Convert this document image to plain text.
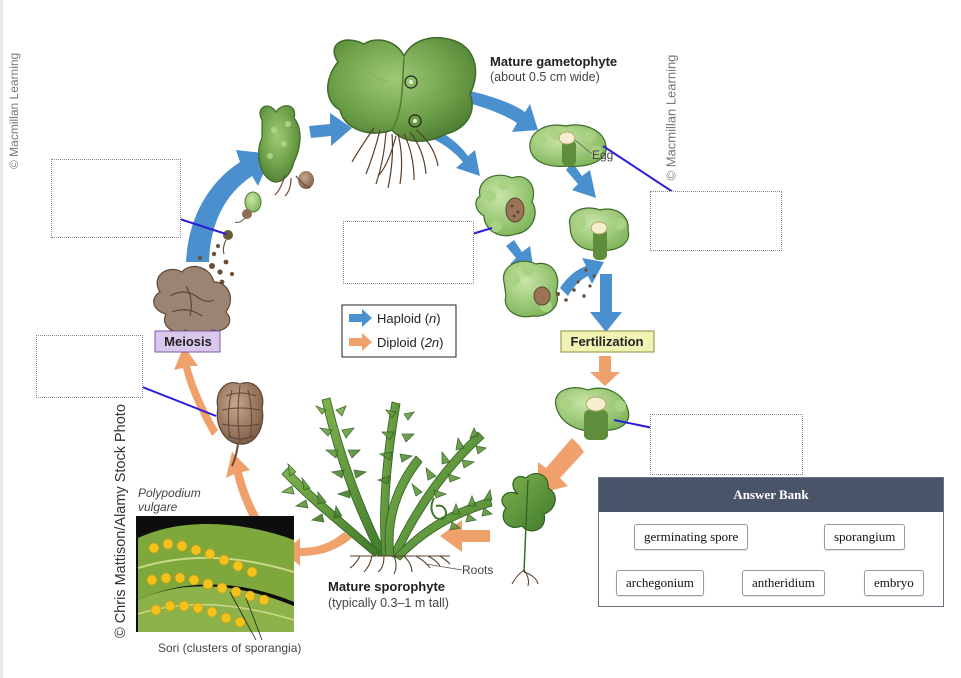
Haploid (n)
Diploid (2n)
Meiosis	Fertilization
Mature gametophyte
(about 0.5 cm wide)
Egg
Mature sporophyte
(typically 0.3–1 m tall)
Roots
Polypodium
vulgare
Sori (clusters of sporangia)
© Macmillan Learning	© Macmillan Learning
© Chris Mattison/Alamy Stock Photo	Answer Bank
germinating spore	sporangium
archegonium	antheridium	embryo
